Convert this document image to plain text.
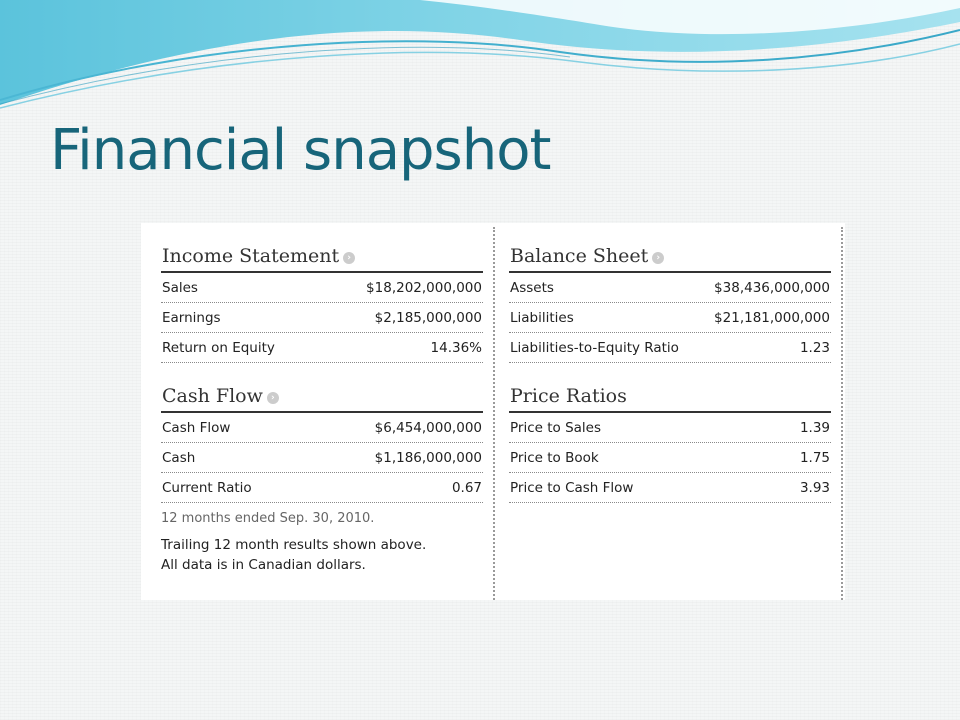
Financial snapshot
Income Statement ›
Sales	$18,202,000,000
Earnings	$2,185,000,000
Return on Equity	14.36%
Cash Flow ›
Cash Flow	$6,454,000,000
Cash	$1,186,000,000
Current Ratio	0.67
12 months ended Sep. 30, 2010.
Trailing 12 month results shown above.
All data is in Canadian dollars.
Balance Sheet ›
Assets	$38,436,000,000
Liabilities	$21,181,000,000
Liabilities-to-Equity Ratio	1.23
Price Ratios
Price to Sales	1.39
Price to Book	1.75
Price to Cash Flow	3.93
